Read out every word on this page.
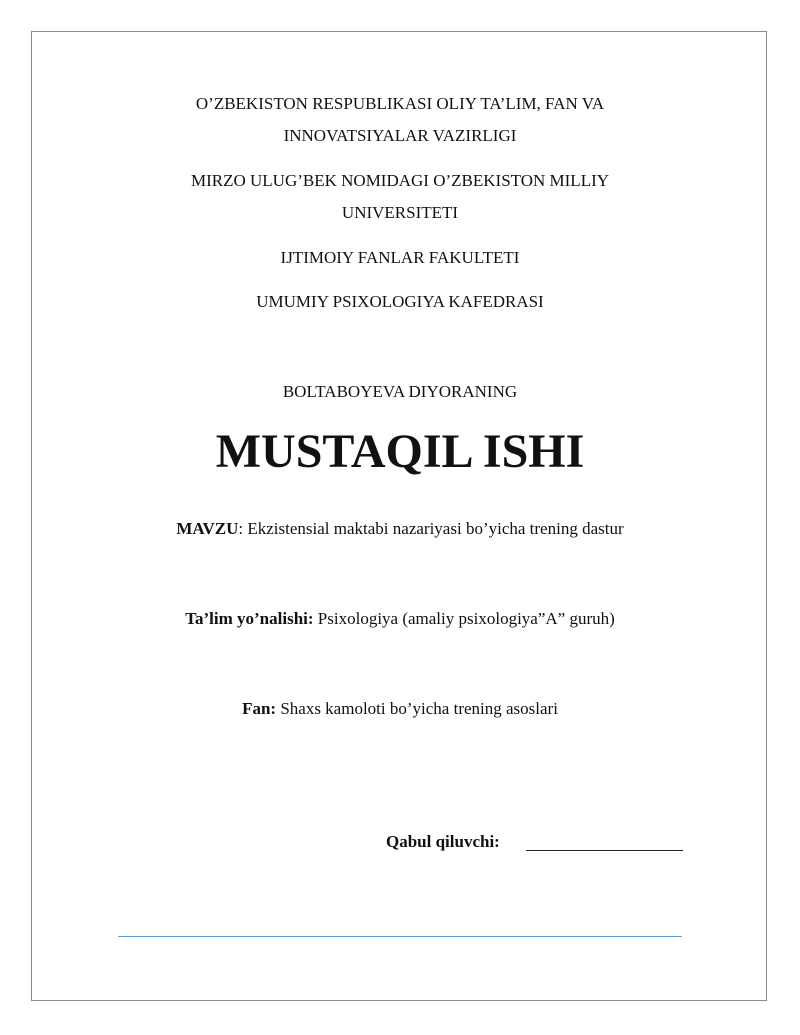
O’ZBEKISTON RESPUBLIKASI OLIY TA’LIM, FAN VA
INNOVATSIYALAR VAZIRLIGI
MIRZO ULUG’BEK NOMIDAGI O’ZBEKISTON MILLIY
UNIVERSITETI
IJTIMOIY FANLAR FAKULTETI
UMUMIY PSIXOLOGIYA KAFEDRASI
BOLTABOYEVA DIYORANING
MUSTAQIL ISHI
MAVZU: Ekzistensial maktabi nazariyasi bo’yicha trening dastur
Ta’lim yo’nalishi: Psixologiya (amaliy psixologiya”A” guruh)
Fan: Shaxs kamoloti bo’yicha trening asoslari
Qabul qiluvchi:
